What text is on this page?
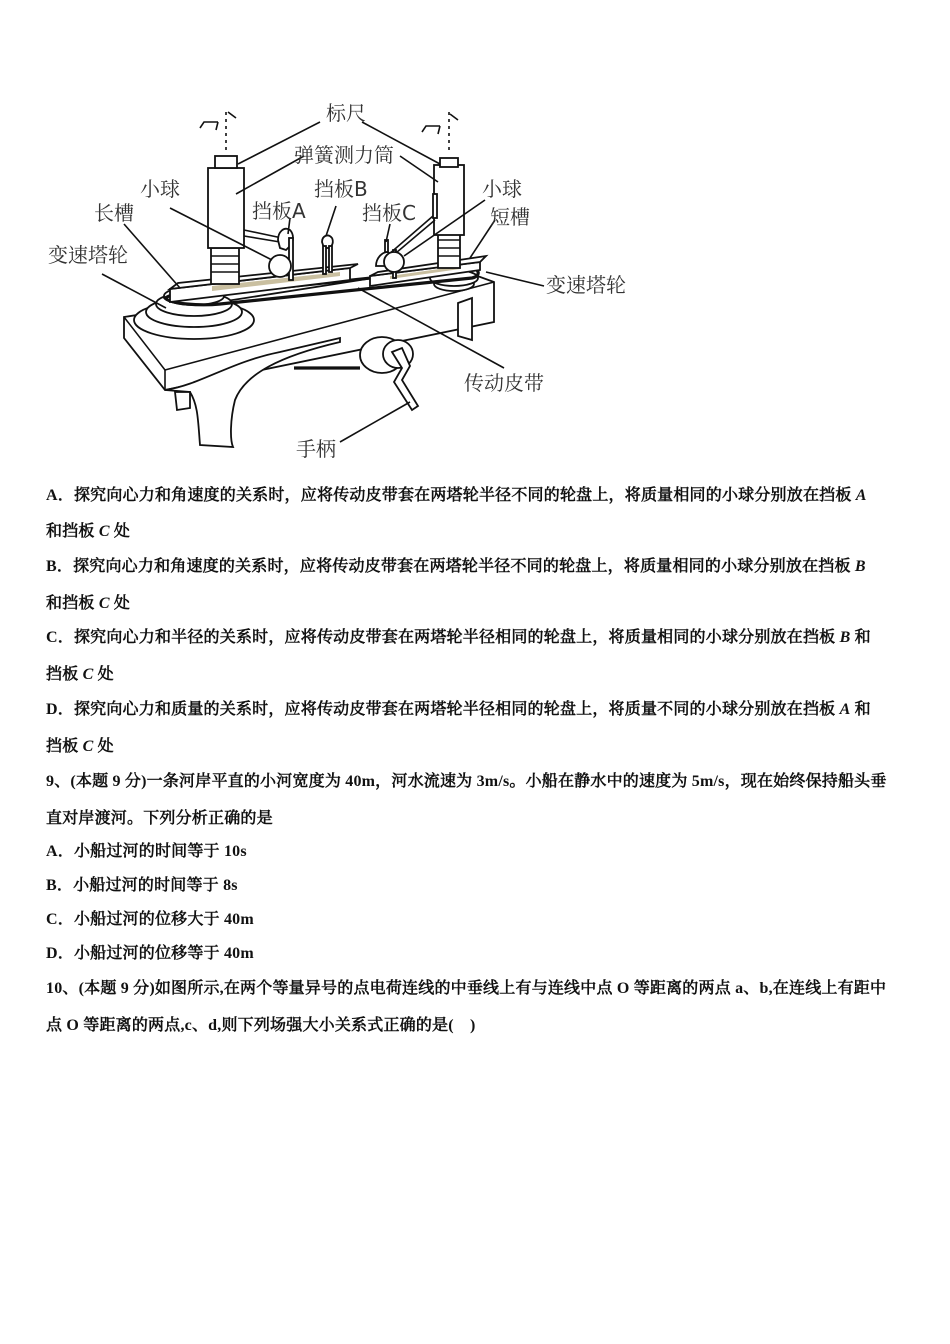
标尺
弹簧测力筒
小球	挡板B	小球
长槽	挡板A	挡板C	短槽
变速塔轮
变速塔轮
传动皮带
手柄
A．探究向心力和角速度的关系时，应将传动皮带套在两塔轮半径不同的轮盘上，将质量相同的小球分别放在挡板 A
和挡板 C 处
B．探究向心力和角速度的关系时，应将传动皮带套在两塔轮半径不同的轮盘上，将质量相同的小球分别放在挡板 B
和挡板 C 处
C．探究向心力和半径的关系时，应将传动皮带套在两塔轮半径相同的轮盘上，将质量相同的小球分别放在挡板 B 和
挡板 C 处
D．探究向心力和质量的关系时，应将传动皮带套在两塔轮半径相同的轮盘上，将质量不同的小球分别放在挡板 A 和
挡板 C 处
9、(本题 9 分)一条河岸平直的小河宽度为 40m，河水流速为 3m/s。小船在静水中的速度为 5m/s，现在始终保持船头垂
直对岸渡河。下列分析正确的是
A．小船过河的时间等于 10s
B．小船过河的时间等于 8s
C．小船过河的位移大于 40m
D．小船过河的位移等于 40m
10、(本题 9 分)如图所示,在两个等量异号的点电荷连线的中垂线上有与连线中点 O 等距离的两点 a、b,在连线上有距中
点 O 等距离的两点,c、d,则下列场强大小关系式正确的是(　)
